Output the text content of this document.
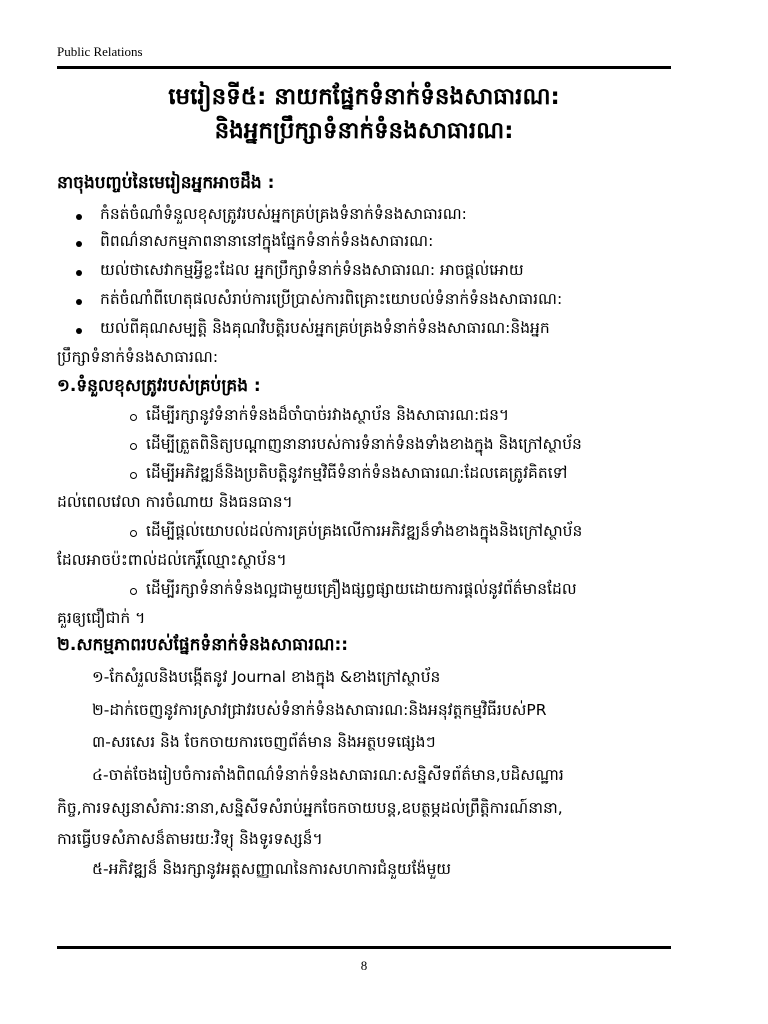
Public Relations
មេរៀនទី៥: នាយកផ្នែកទំនាក់ទំនងសាធារណ:
និងអ្នកប្រឹក្សាទំនាក់ទំនងសាធារណ:
នាចុងបញ្ចប់នៃមេរៀនអ្នកអាចដឹង :
កំនត់ចំណាំទំនួលខុសត្រូវរបស់អ្នកគ្រប់គ្រងទំនាក់ទំនងសាធារណ:
ពិពណ៌នាសកម្មភាពនានានៅក្នុងផ្នែកទំនាក់ទំនងសាធារណ:
យល់ថាសេវាកម្មអ្វីខ្លះដែល អ្នកប្រឹក្សាទំនាក់ទំនងសាធារណ: អាចផ្តល់អោយ
កត់ចំណាំពីហេតុផលសំរាប់ការប្រើប្រាស់ការពិគ្រោះយោបល់ទំនាក់ទំនងសាធារណ:
យល់ពីគុណសម្បត្តិ និងគុណវិបត្តិរបស់អ្នកគ្រប់គ្រងទំនាក់ទំនងសាធារណ:និងអ្នក
ប្រឹក្សាទំនាក់ទំនងសាធារណ:
១.ទំនួលខុសត្រូវរបស់គ្រប់គ្រង :
ដើម្បីរក្សានូវទំនាក់ទំនងដ៏ចាំបាច់រវាងស្ថាប័ន និងសាធារណ:ជន។
ដើម្បីត្រួតពិនិត្យបណ្តាញនានារបស់ការទំនាក់ទំនងទាំងខាងក្នុង និងក្រៅស្ថាប័ន
ដើម្បីអភិវឌ្ឍន៏និងប្រតិបត្តិនូវកម្មវិធីទំនាក់ទំនងសាធារណ:ដែលគេត្រូវគិតទៅ
ដល់ពេលវេលា ការចំណាយ និងធនធាន។
ដើម្បីផ្តល់យោបល់ដល់ការគ្រប់គ្រងលើការអភិវឌ្ឍន៏ទាំងខាងក្នុងនិងក្រៅស្ថាប័ន
ដែលអាចប៉ះពាល់ដល់កេរ្តិ៍ឈ្មោះស្ថាប័ន។
ដើម្បីរក្សាទំនាក់ទំនងល្អជាមួយគ្រឿងផ្សព្វផ្សាយដោយការផ្តល់នូវព័ត៌មានដែល
គួរឲ្យជឿជាក់ ។
២.សកម្មភាពរបស់ផ្នែកទំនាក់ទំនងសាធារណ::
១-កែសំរួលនិងបង្កើតនូវ Journal ខាងក្នុង &ខាងក្រៅស្ថាប័ន
២-ដាក់ចេញនូវការស្រាវជ្រាវរបស់ទំនាក់ទំនងសាធារណ:និងអនុវត្តកម្មវិធីរបស់PR
៣-សរសេរ និង ចែកចាយការចេញព័ត៌មាន និងអត្ថបទផ្សេងៗ
៤-ចាត់ចែងរៀបចំការតាំងពិពណ៌ទំនាក់ទំនងសាធារណ:សន្និសីទព័ត៌មាន,បដិសណ្ឋារ
កិច្ច,ការទស្សនាសំភារ:នានា,សន្និសីទសំរាប់អ្នកចែកចាយបន្ត,ឧបត្ថម្ភដល់ព្រឹត្តិការណ៍នានា,
ការធ្វើបទសំភាសន៏តាមរយ:វិទ្យុ និងទូរទស្សន៏។
៥-អភិវឌ្ឍន៏ និងរក្សានូវអត្តសញ្ញាណនៃការសហការជំនួយង៉ែមួយ
8
